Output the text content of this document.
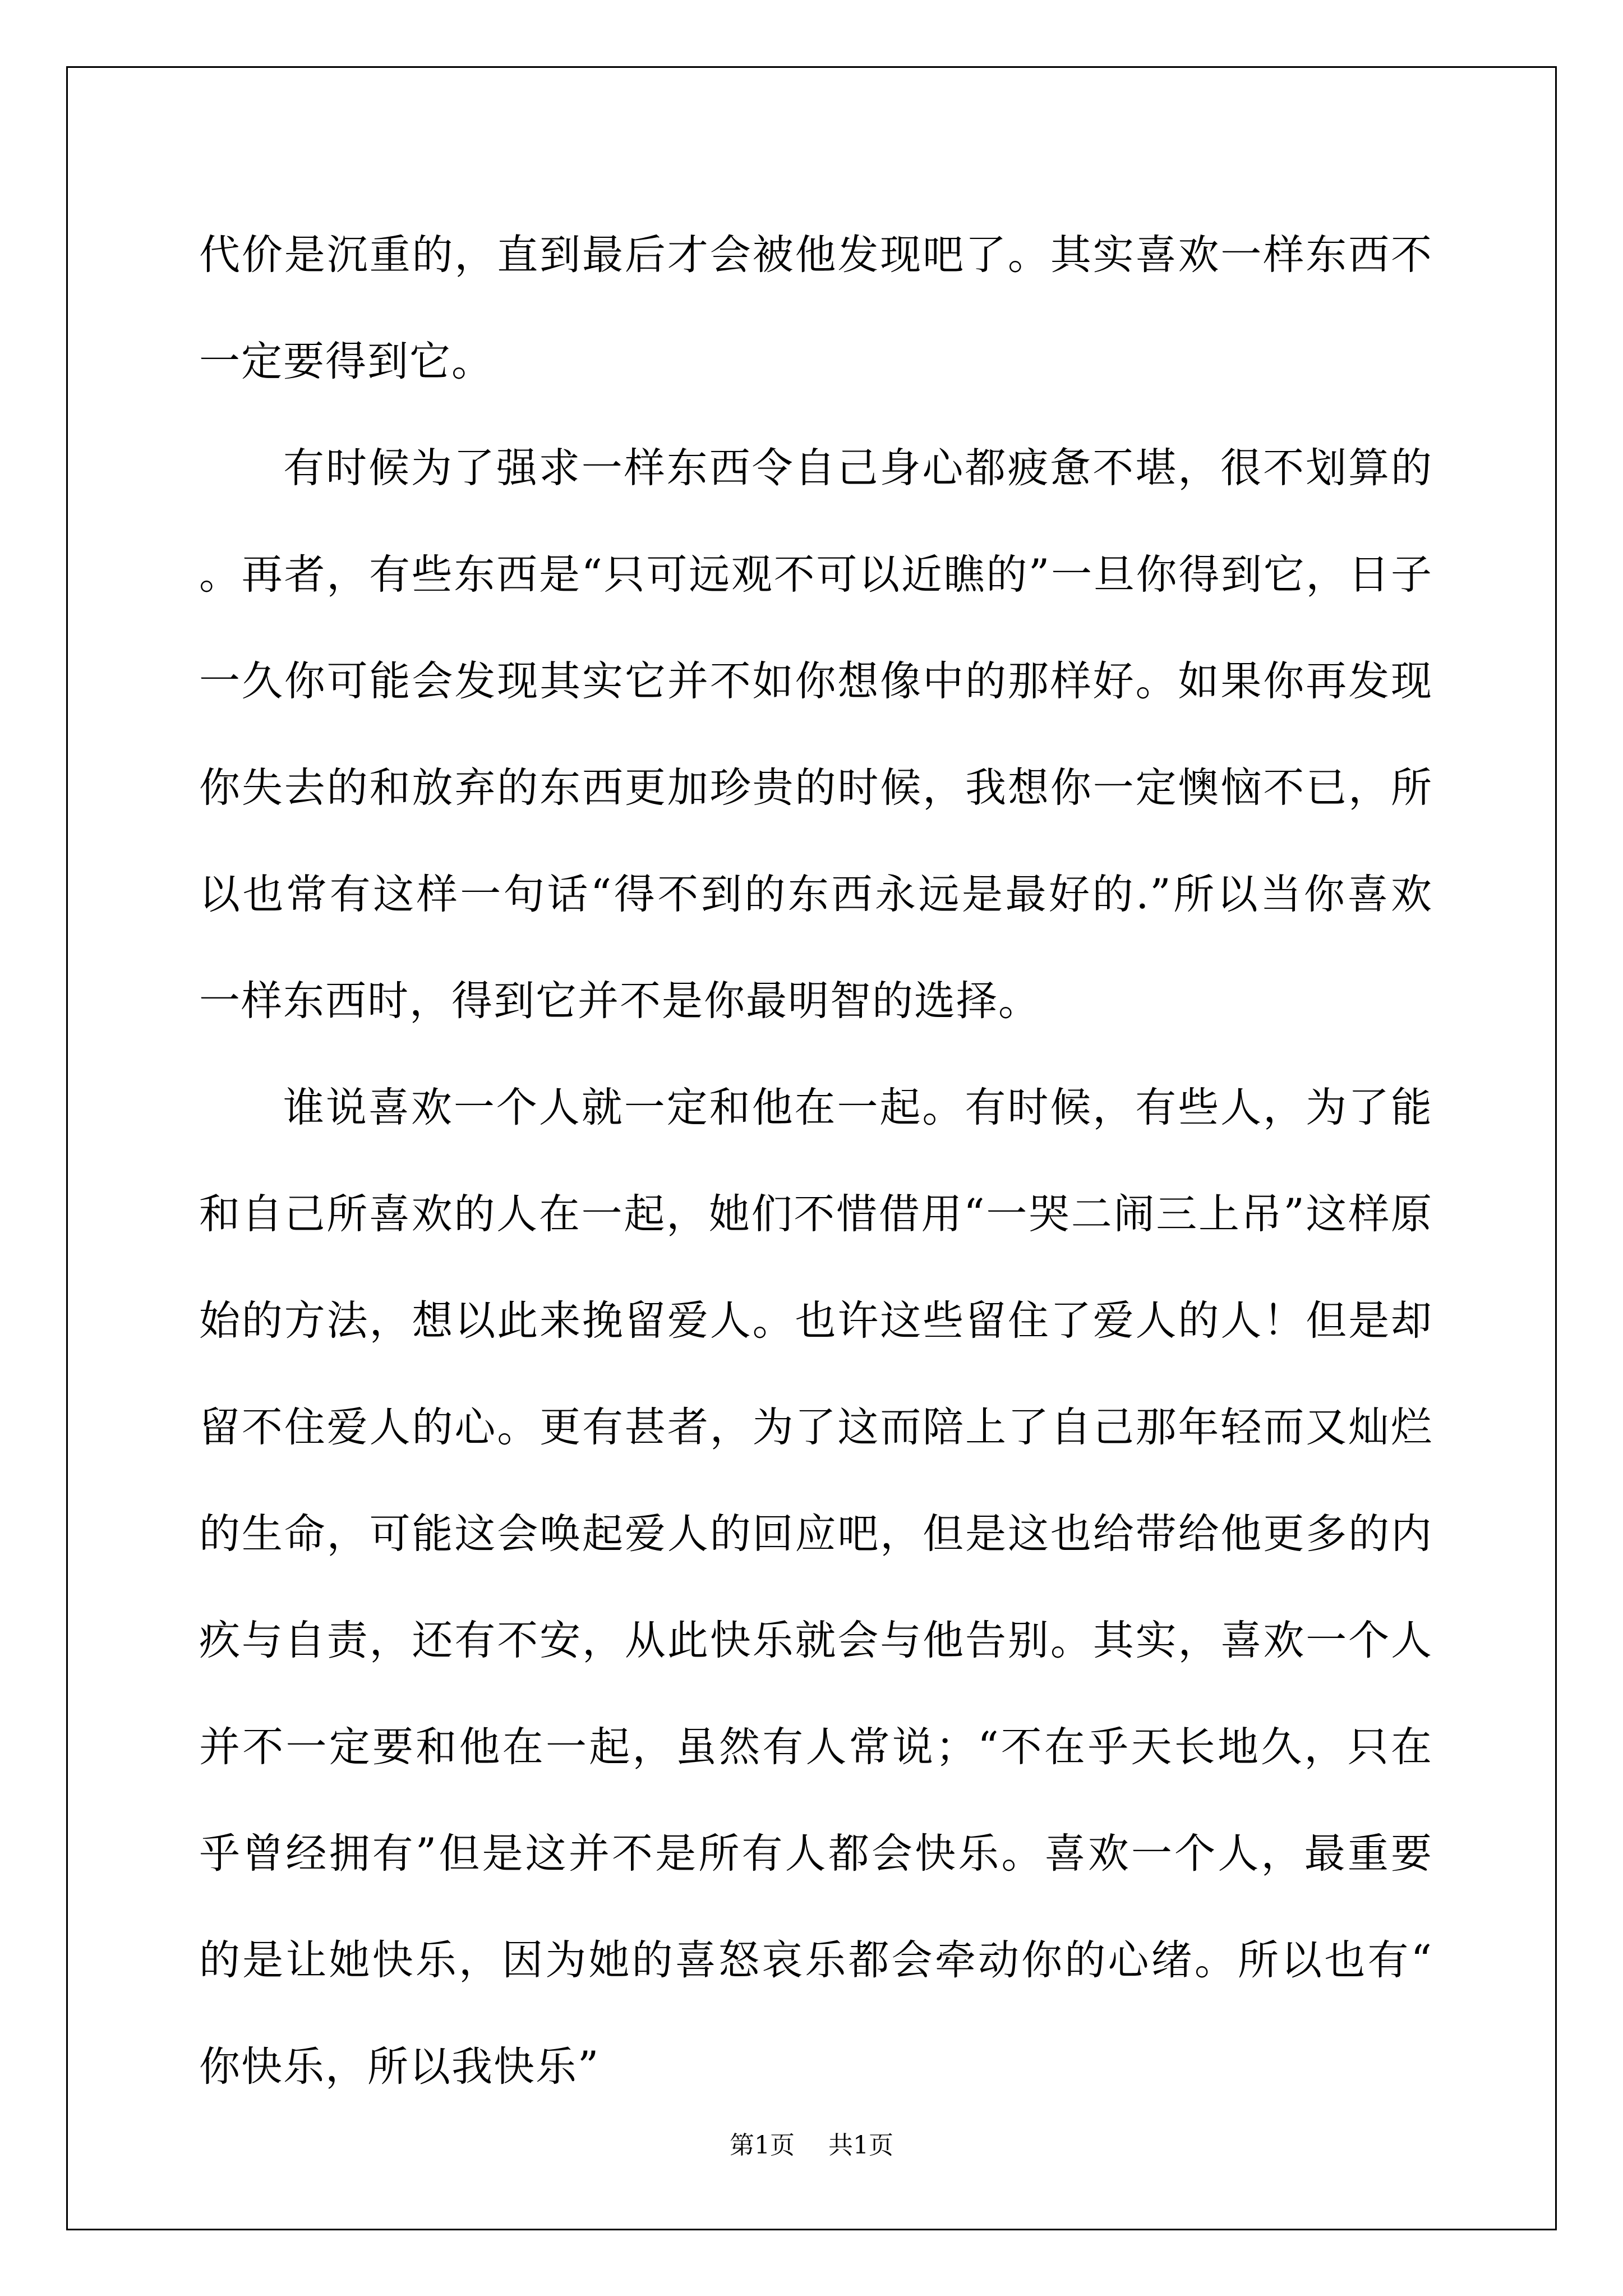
代价是沉重的，直到最后才会被他发现吧了。其实喜欢一样东西不一定要得到它。

有时候为了强求一样东西令自己身心都疲惫不堪，很不划算的。再者，有些东西是“只可远观不可以近瞧的”一旦你得到它，日子一久你可能会发现其实它并不如你想像中的那样好。如果你再发现你失去的和放弃的东西更加珍贵的时候，我想你一定懊恼不已，所以也常有这样一句话“得不到的东西永远是最好的.”所以当你喜欢一样东西时，得到它并不是你最明智的选择。

谁说喜欢一个人就一定和他在一起。有时候，有些人，为了能和自己所喜欢的人在一起，她们不惜借用“一哭二闹三上吊”这样原始的方法，想以此来挽留爱人。也许这些留住了爱人的人！但是却留不住爱人的心。更有甚者，为了这而陪上了自己那年轻而又灿烂的生命，可能这会唤起爱人的回应吧，但是这也给带给他更多的内疚与自责，还有不安，从此快乐就会与他告别。其实，喜欢一个人并不一定要和他在一起，虽然有人常说；“不在乎天长地久，只在乎曾经拥有”但是这并不是所有人都会快乐。喜欢一个人，最重要的是让她快乐，因为她的喜怒哀乐都会牵动你的心绪。所以也有“你快乐，所以我快乐”

第1页 共1页
